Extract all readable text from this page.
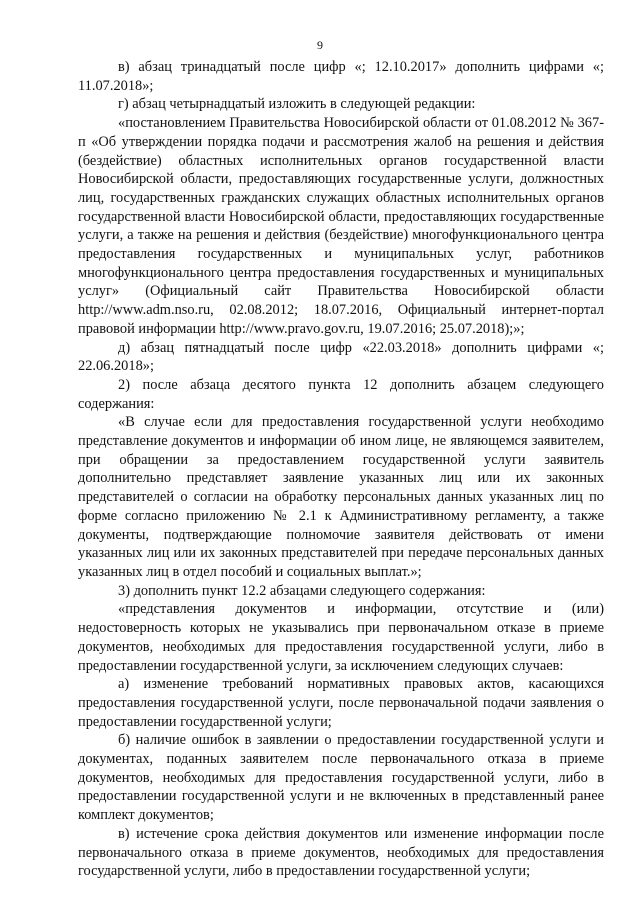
9

в) абзац тринадцатый после цифр «; 12.10.2017» дополнить цифрами «; 11.07.2018»;

г) абзац четырнадцатый изложить в следующей редакции:

«постановлением Правительства Новосибирской области от 01.08.2012 № 367-п «Об утверждении порядка подачи и рассмотрения жалоб на решения и действия (бездействие) областных исполнительных органов государственной власти Новосибирской области, предоставляющих государственные услуги, должностных лиц, государственных гражданских служащих областных исполнительных органов государственной власти Новосибирской области, предоставляющих государственные услуги, а также на решения и действия (бездействие) многофункционального центра предоставления государственных и муниципальных услуг, работников многофункционального центра предоставления государственных и муниципальных услуг» (Официальный сайт Правительства Новосибирской области http://www.adm.nso.ru, 02.08.2012; 18.07.2016, Официальный интернет-портал правовой информации http://www.pravo.gov.ru, 19.07.2016; 25.07.2018);»;

д) абзац пятнадцатый после цифр «22.03.2018» дополнить цифрами «; 22.06.2018»;

2) после абзаца десятого пункта 12 дополнить абзацем следующего содержания:

«В случае если для предоставления государственной услуги необходимо представление документов и информации об ином лице, не являющемся заявителем, при обращении за предоставлением государственной услуги заявитель дополнительно представляет заявление указанных лиц или их законных представителей о согласии на обработку персональных данных указанных лиц по форме согласно приложению № 2.1 к Административному регламенту, а также документы, подтверждающие полномочие заявителя действовать от имени указанных лиц или их законных представителей при передаче персональных данных указанных лиц в отдел пособий и социальных выплат.»;

3) дополнить пункт 12.2 абзацами следующего содержания:

«представления документов и информации, отсутствие и (или) недостоверность которых не указывались при первоначальном отказе в приеме документов, необходимых для предоставления государственной услуги, либо в предоставлении государственной услуги, за исключением следующих случаев:

а) изменение требований нормативных правовых актов, касающихся предоставления государственной услуги, после первоначальной подачи заявления о предоставлении государственной услуги;

б) наличие ошибок в заявлении о предоставлении государственной услуги и документах, поданных заявителем после первоначального отказа в приеме документов, необходимых для предоставления государственной услуги, либо в предоставлении государственной услуги и не включенных в представленный ранее комплект документов;

в) истечение срока действия документов или изменение информации после первоначального отказа в приеме документов, необходимых для предоставления государственной услуги, либо в предоставлении государственной услуги;
